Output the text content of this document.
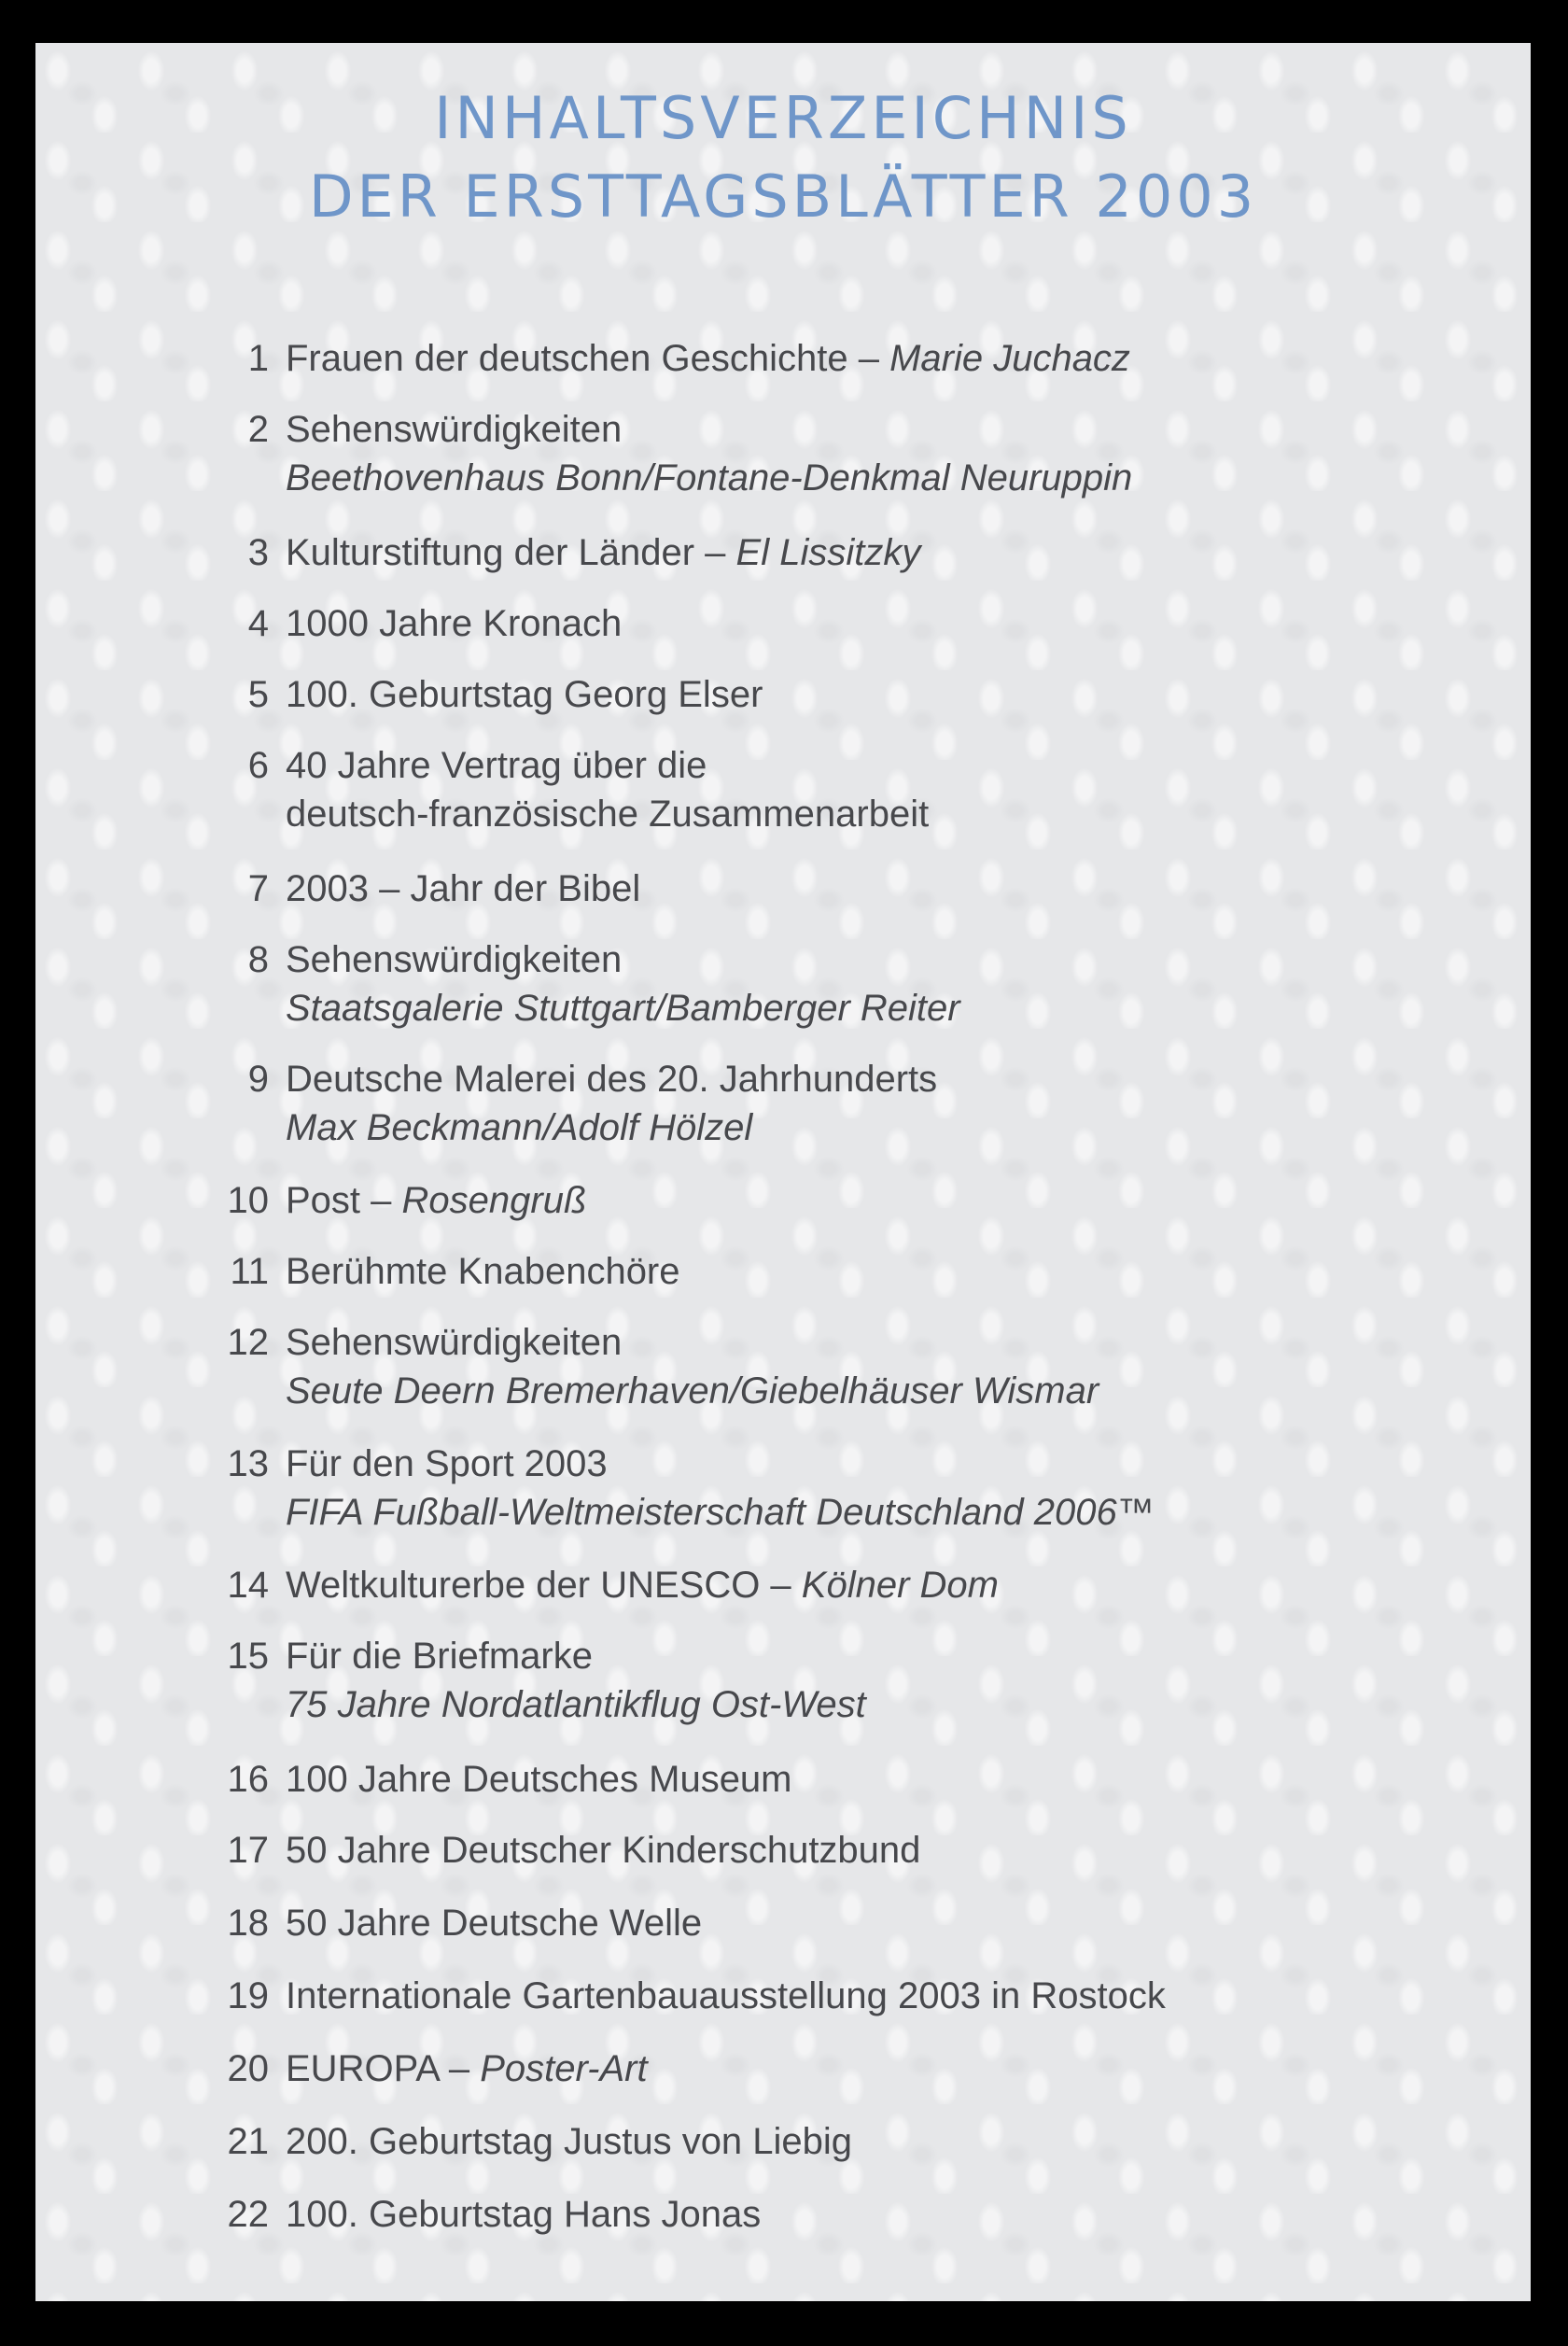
INHALTSVERZEICHNIS
DER ERSTTAGSBLÄTTER 2003
1 Frauen der deutschen Geschichte – Marie Juchacz
2 Sehenswürdigkeiten
Beethovenhaus Bonn/Fontane-Denkmal Neuruppin
3 Kulturstiftung der Länder – El Lissitzky
4 1000 Jahre Kronach
5 100. Geburtstag Georg Elser
6 40 Jahre Vertrag über die
deutsch-französische Zusammenarbeit
7 2003 – Jahr der Bibel
8 Sehenswürdigkeiten
Staatsgalerie Stuttgart/Bamberger Reiter
9 Deutsche Malerei des 20. Jahrhunderts
Max Beckmann/Adolf Hölzel
10 Post – Rosengruß
11 Berühmte Knabenchöre
12 Sehenswürdigkeiten
Seute Deern Bremerhaven/Giebelhäuser Wismar
13 Für den Sport 2003
FIFA Fußball-Weltmeisterschaft Deutschland 2006™
14 Weltkulturerbe der UNESCO – Kölner Dom
15 Für die Briefmarke
75 Jahre Nordatlantikflug Ost-West
16 100 Jahre Deutsches Museum
17 50 Jahre Deutscher Kinderschutzbund
18 50 Jahre Deutsche Welle
19 Internationale Gartenbauausstellung 2003 in Rostock
20 EUROPA – Poster-Art
21 200. Geburtstag Justus von Liebig
22 100. Geburtstag Hans Jonas
